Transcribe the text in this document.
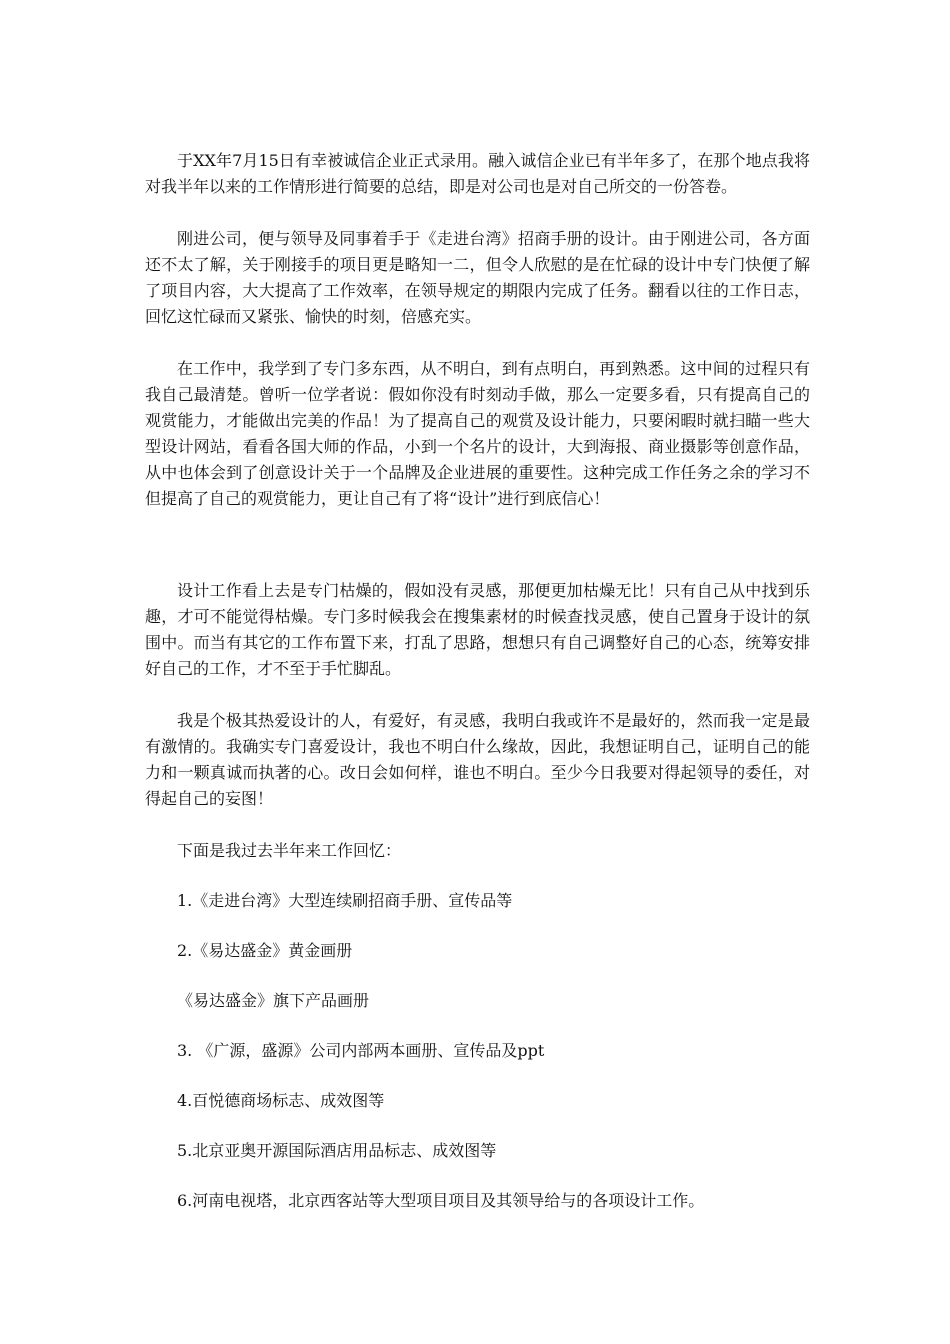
于XX年7月15日有幸被诚信企业正式录用。融入诚信企业已有半年多了，在那个地点我将对我半年以来的工作情形进行简要的总结，即是对公司也是对自己所交的一份答卷。

刚进公司，便与领导及同事着手于《走进台湾》招商手册的设计。由于刚进公司，各方面还不太了解，关于刚接手的项目更是略知一二，但令人欣慰的是在忙碌的设计中专门快便了解了项目内容，大大提高了工作效率，在领导规定的期限内完成了任务。翻看以往的工作日志，回忆这忙碌而又紧张、愉快的时刻，倍感充实。

在工作中，我学到了专门多东西，从不明白，到有点明白，再到熟悉。这中间的过程只有我自己最清楚。曾听一位学者说：假如你没有时刻动手做，那么一定要多看，只有提高自己的观赏能力，才能做出完美的作品！为了提高自己的观赏及设计能力，只要闲暇时就扫瞄一些大型设计网站，看看各国大师的作品，小到一个名片的设计，大到海报、商业摄影等创意作品，从中也体会到了创意设计关于一个品牌及企业进展的重要性。这种完成工作任务之余的学习不但提高了自己的观赏能力，更让自己有了将“设计”进行到底信心！

设计工作看上去是专门枯燥的，假如没有灵感，那便更加枯燥无比！只有自己从中找到乐趣，才可不能觉得枯燥。专门多时候我会在搜集素材的时候查找灵感，使自己置身于设计的氛围中。而当有其它的工作布置下来，打乱了思路，想想只有自己调整好自己的心态，统筹安排好自己的工作，才不至于手忙脚乱。

我是个极其热爱设计的人，有爱好，有灵感，我明白我或许不是最好的，然而我一定是最有激情的。我确实专门喜爱设计，我也不明白什么缘故，因此，我想证明自己，证明自己的能力和一颗真诚而执著的心。改日会如何样，谁也不明白。至少今日我要对得起领导的委任，对得起自己的妄图！

下面是我过去半年来工作回忆：
1.《走进台湾》大型连续刷招商手册、宣传品等
2.《易达盛金》黄金画册
《易达盛金》旗下产品画册
3. 《广源，盛源》公司内部两本画册、宣传品及ppt
4.百悦德商场标志、成效图等
5.北京亚奥开源国际酒店用品标志、成效图等
6.河南电视塔，北京西客站等大型项目项目及其领导给与的各项设计工作。
